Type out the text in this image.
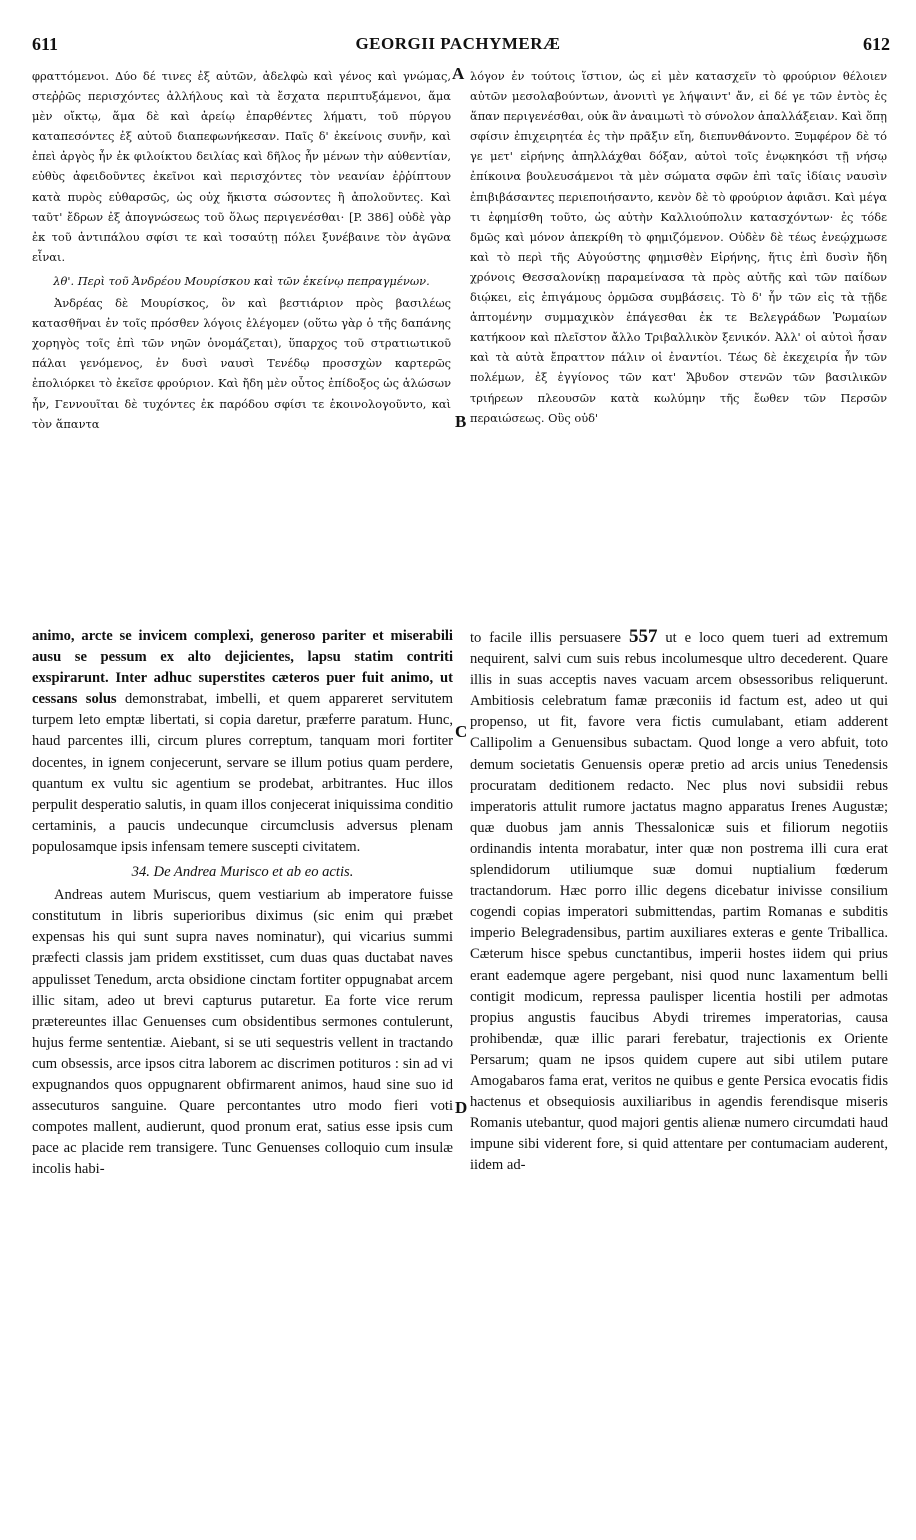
611	GEORGII PACHYMERÆ	612

φραττόμενοι. Δύο δέ τινες ἐξ αὐτῶν, ἀδελφὼ καὶ γένος καὶ γνώμας, στεῤῥῶς περισχόντες ἀλλήλους καὶ τὰ ἔσχατα περιπτυξάμενοι, ἅμα μὲν οἴκτῳ, ἅμα δὲ καὶ ἀρείῳ ἐπαρθέντες λήματι, τοῦ πύργου καταπεσόντες ἐξ αὐτοῦ διαπεφωνήκεσαν. Παῖς δ' ἐκείνοις συνῆν, καὶ ἐπεὶ ἀργὸς ἦν ἐκ φιλοίκτου δειλίας καὶ δῆλος ἦν μένων τὴν αὐθεντίαν, εὐθὺς ἀφειδοῦντες ἐκεῖνοι καὶ περισχόντες τὸν νεανίαν ἐῤῥίπτουν κατὰ πυρὸς εὐθαρσῶς, ὡς οὐχ ἥκιστα σώσοντες ἢ ἀπολοῦντες. Καὶ ταῦτ' ἔδρων ἐξ ἀπογνώσεως τοῦ ὅλως περιγενέσθαι· [P. 386] οὐδὲ γὰρ ἐκ τοῦ ἀντιπάλου σφίσι τε καὶ τοσαύτῃ πόλει ξυνέβαινε τὸν ἀγῶνα εἶναι.

λθ'. Περὶ τοῦ Ἀνδρέου Μουρίσκου καὶ τῶν ἐκείνῳ πεπραγμένων.

Ἀνδρέας δὲ Μουρίσκος, ὃν καὶ βεστιάριον πρὸς βασιλέως κατασθῆναι ἐν τοῖς πρόσθεν λόγοις ἐλέγομεν (οὕτω γὰρ ὁ τῆς δαπάνης χορηγὸς τοῖς ἐπὶ τῶν νηῶν ὀνομάζεται), ὕπαρχος τοῦ στρατιωτικοῦ πάλαι γενόμενος, ἐν δυσὶ ναυσὶ Τενέδῳ προσσχὼν καρτερῶς ἐπολιόρκει τὸ ἐκεῖσε φρούριον. Καὶ ἤδη μὲν οὗτος ἐπίδοξος ὡς ἁλώσων ἦν, Γεννουῖται δὲ τυχόντες ἐκ παρόδου σφίσι τε ἐκοινολογοῦντο, καὶ τὸν ἅπαντα

λόγον ἐν τούτοις ἵστιον, ὡς εἰ μὲν κατασχεῖν τὸ φρούριον θέλοιεν αὐτῶν μεσολαβούντων, ἀνονιτὶ γε λήψαιντ' ἄν, εἰ δέ γε τῶν ἐντὸς ἐς ἅπαν περιγενέσθαι, οὐκ ἂν ἀναιμωτὶ τὸ σύνολον ἀπαλλάξειαν. Καὶ ὅπῃ σφίσιν ἐπιχειρητέα ἐς τὴν πρᾶξιν εἴη, διεπυνθάνοντο. Ξυμφέρον δὲ τό γε μετ' εἰρήνης ἀπηλλάχθαι δόξαν, αὐτοὶ τοῖς ἐνῳκηκόσι τῇ νήσῳ ἐπίκοινα βουλευσάμενοι τὰ μὲν σώματα σφῶν ἐπὶ ταῖς ἰδίαις ναυσὶν ἐπιβιβάσαντες περιεποιήσαντο, κενὸν δὲ τὸ φρούριον ἀφιᾶσι. Καὶ μέγα τι ἐφημίσθη τοῦτο, ὡς αὐτὴν Καλλιούπολιν κατασχόντων· ἐς τόδε δμῶς καὶ μόνον ἀπεκρίθη τὸ φημιζόμενον. Οὐδὲν δὲ τέως ἐνεῴχμωσε καὶ τὸ περὶ τῆς Αὐγούστης φημισθὲν Εἰρήνης, ἥτις ἐπὶ δυσὶν ἤδη χρόνοις Θεσσαλονίκῃ παραμείνασα τὰ πρὸς αὐτῆς καὶ τῶν παίδων διῴκει, εἰς ἐπιγάμους ὁρμῶσα συμβάσεις. Τὸ δ' ἦν τῶν εἰς τὰ τῇδε ἀπτομένην συμμαχικὸν ἐπάγεσθαι ἐκ τε Βελεγράδων Ῥωμαίων κατήκοον καὶ πλεῖστον ἄλλο Τριβαλλικὸν ξενικόν. Ἀλλ' οἱ αὐτοὶ ἦσαν καὶ τὰ αὐτὰ ἔπραττον πάλιν οἱ ἐναντίοι. Τέως δὲ ἐκεχειρία ἦν τῶν πολέμων, ἐξ ἐγγίονος τῶν κατ' Ἄβυδον στενῶν τῶν βασιλικῶν τριήρεων πλεουσῶν κατὰ κωλύμην τῆς ἔωθεν τῶν Περσῶν περαιώσεως. Οὓς οὐδ'

animo, arcte se invicem complexi, generoso pariter et miserabili ausu se pessum ex alto dejicientes, lapsu statim contriti exspirarunt. Inter adhuc superstites cæteros puer fuit animo, ut cessans solus demonstrabat, imbelli, et quem appareret servitutem turpem leto emptæ libertati, si copia daretur, præferre paratum. Hunc, haud parcentes illi, circum plures correptum, tanquam mori fortiter docentes, in ignem conjecerunt, servare se illum potius quam perdere, quantum ex vultu sic agentium se prodebat, arbitrantes. Huc illos perpulit desperatio salutis, in quam illos conjecerat iniquissima conditio certaminis, a paucis undecunque circumclusis adversus plenam populosamque ipsis infensam temere suscepti civitatem.

34. De Andrea Murisco et ab eo actis.

Andreas autem Muriscus, quem vestiarium ab imperatore fuisse constitutum in libris superioribus diximus (sic enim qui præbet expensas his qui sunt supra naves nominatur), qui vicarius summi præfecti classis jam pridem exstitisset, cum duas quas ductabat naves appulisset Tenedum, arcta obsidione cinctam fortiter oppugnabat arcem illic sitam, adeo ut brevi capturus putaretur. Ea forte vice rerum prætereuntes illac Genuenses cum obsidentibus sermones contulerunt, hujus ferme sententiæ. Aiebant, si se uti sequestris vellent in tractando cum obsessis, arce ipsos citra laborem ac discrimen potituros : sin ad vi expugnandos quos oppugnarent obfirmarent animos, haud sine suo id assecuturos sanguine. Quare percontantes utro modo fieri voti compotes mallent, audierunt, quod pronum erat, satius esse ipsis cum pace ac placide rem transigere. Tunc Genuenses colloquio cum insulæ incolis habi-

to facile illis persuasere 557 ut e loco quem tueri ad extremum nequirent, salvi cum suis rebus incolumesque ultro decederent. Quare illis in suas acceptis naves vacuam arcem obsessoribus reliquerunt. Ambitiosis celebratum famæ præconiis id factum est, adeo ut qui propenso, ut fit, favore vera fictis cumulabant, etiam adderent Callipolim a Genuensibus subactam. Quod longe a vero abfuit, toto demum societatis Genuensis operæ pretio ad arcis unius Tenedensis procuratam deditionem redacto. Nec plus novi subsidii rebus imperatoris attulit rumore jactatus magno apparatus Irenes Augustæ; quæ duobus jam annis Thessalonicæ suis et filiorum negotiis ordinandis intenta morabatur, inter quæ non postrema illi cura erat splendidorum utiliumque suæ domui nuptialium fœderum tractandorum. Hæc porro illic degens dicebatur inivisse consilium cogendi copias imperatori submittendas, partim Romanas e subditis imperio Belegradensibus, partim auxiliares exteras e gente Triballica. Cæterum hisce spebus cunctantibus, imperii hostes iidem qui prius erant eademque agere pergebant, nisi quod nunc laxamentum belli contigit modicum, repressa paulisper licentia hostili per admotas propius angustis faucibus Abydi triremes imperatorias, causa prohibendæ, quæ illic parari ferebatur, trajectionis ex Oriente Persarum; quam ne ipsos quidem cupere aut sibi utilem putare Amogabaros fama erat, veritos ne quibus e gente Persica evocatis fidis hactenus et obsequiosis auxiliaribus in agendis ferendisque miseris Romanis utebantur, quod majori gentis alienæ numero circumdati haud impune sibi viderent fore, si quid attentare per contumaciam auderent, iidem ad-

A
B
C
D
